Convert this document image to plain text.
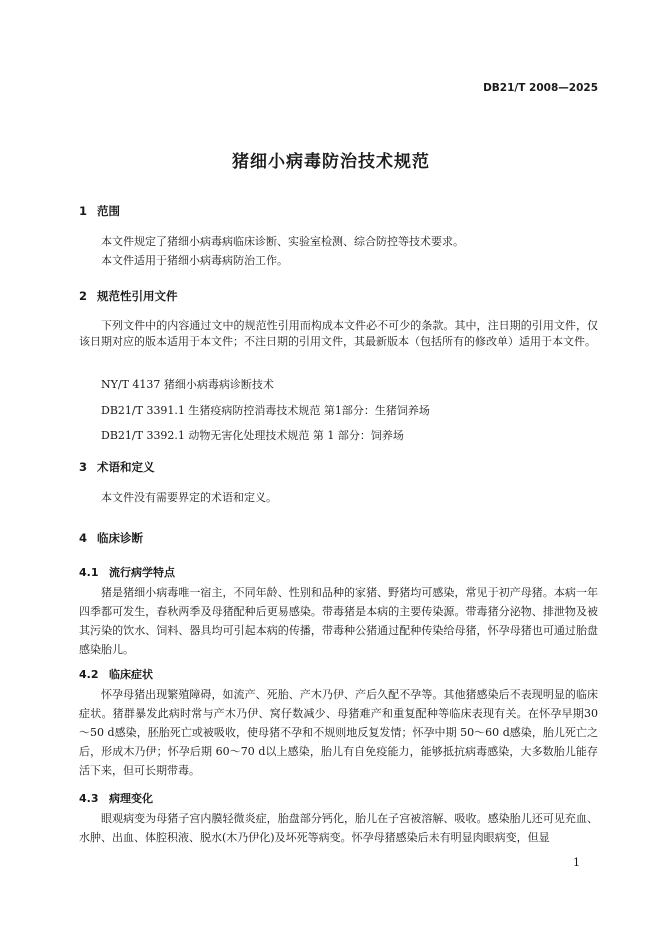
DB21/T 2008—2025
猪细小病毒防治技术规范
1 范围

本文件规定了猪细小病毒病临床诊断、实验室检测、综合防控等技术要求。

本文件适用于猪细小病毒病防治工作。

2 规范性引用文件

下列文件中的内容通过文中的规范性引用而构成本文件必不可少的条款。其中，注日期的引用文件，仅该日期对应的版本适用于本文件；不注日期的引用文件，其最新版本（包括所有的修改单）适用于本文件。

NY/T 4137 猪细小病毒病诊断技术
DB21/T 3391.1 生猪疫病防控消毒技术规范 第1部分：生猪饲养场
DB21/T 3392.1 动物无害化处理技术规范 第 1 部分：饲养场
3 术语和定义

本文件没有需要界定的术语和定义。

4 临床诊断
4.1 流行病学特点

猪是猪细小病毒唯一宿主，不同年龄、性别和品种的家猪、野猪均可感染，常见于初产母猪。本病一年四季都可发生，春秋两季及母猪配种后更易感染。带毒猪是本病的主要传染源。带毒猪分泌物、排泄物及被其污染的饮水、饲料、器具均可引起本病的传播，带毒种公猪通过配种传染给母猪，怀孕母猪也可通过胎盘感染胎儿。

4.2 临床症状

怀孕母猪出现繁殖障碍，如流产、死胎、产木乃伊、产后久配不孕等。其他猪感染后不表现明显的临床症状。猪群暴发此病时常与产木乃伊、窝仔数减少、母猪难产和重复配种等临床表现有关。在怀孕早期30～50 d感染，胚胎死亡或被吸收，使母猪不孕和不规则地反复发情；怀孕中期 50～60 d感染，胎儿死亡之后，形成木乃伊；怀孕后期 60～70 d以上感染，胎儿有自免疫能力，能够抵抗病毒感染，大多数胎儿能存活下来，但可长期带毒。

4.3 病理变化

眼观病变为母猪子宫内膜轻微炎症，胎盘部分钙化，胎儿在子宫被溶解、吸收。感染胎儿还可见充血、水肿、出血、体腔积液、脱水(木乃伊化)及坏死等病变。怀孕母猪感染后未有明显肉眼病变，但显

1
